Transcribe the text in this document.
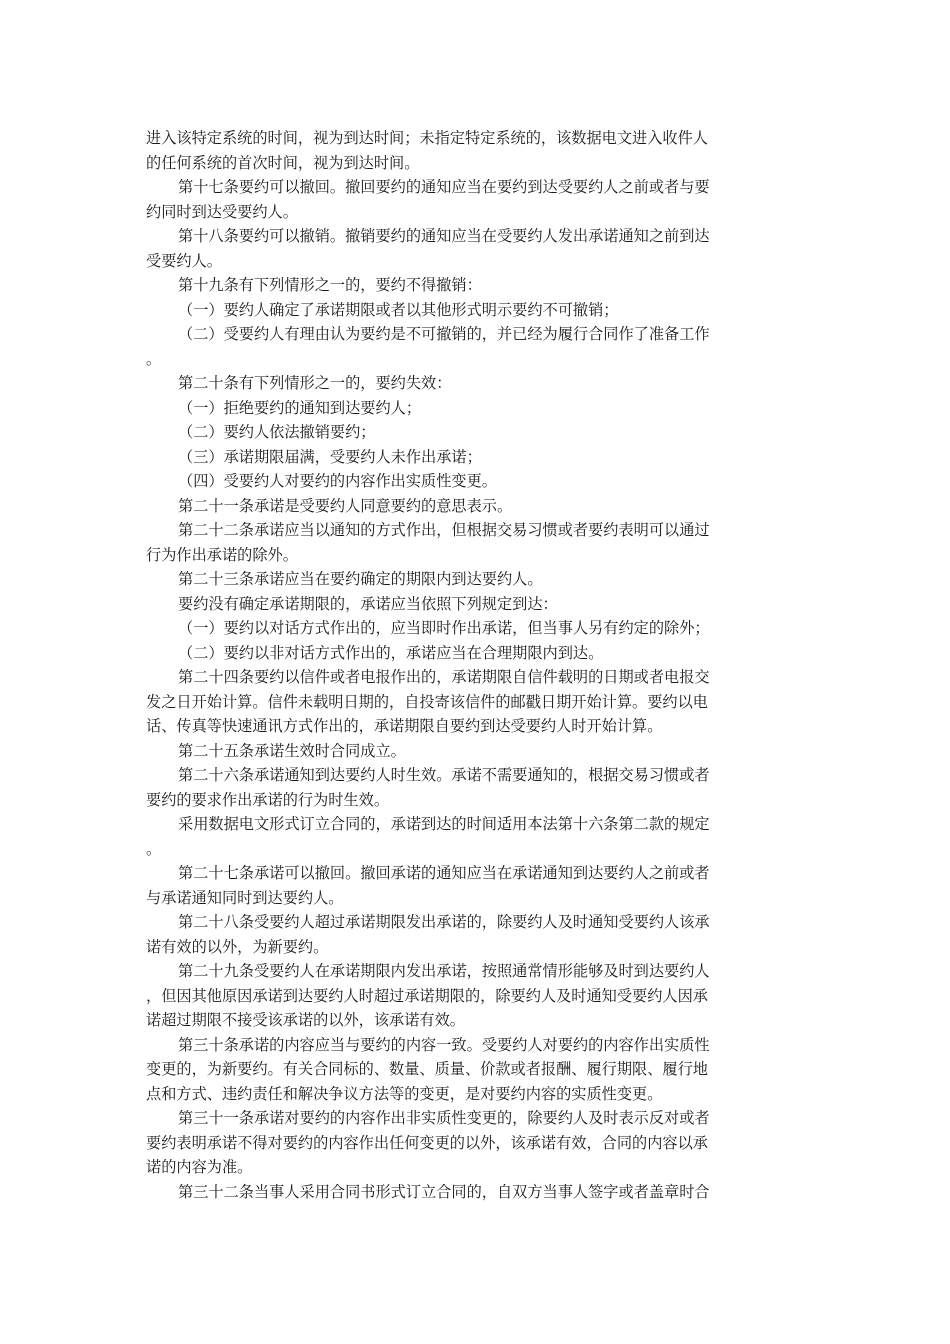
进入该特定系统的时间，视为到达时间；未指定特定系统的，该数据电文进入收件人
的任何系统的首次时间，视为到达时间。
第十七条要约可以撤回。撤回要约的通知应当在要约到达受要约人之前或者与要
约同时到达受要约人。
第十八条要约可以撤销。撤销要约的通知应当在受要约人发出承诺通知之前到达
受要约人。
第十九条有下列情形之一的，要约不得撤销：
（一）要约人确定了承诺期限或者以其他形式明示要约不可撤销；
（二）受要约人有理由认为要约是不可撤销的，并已经为履行合同作了准备工作
。
第二十条有下列情形之一的，要约失效：
（一）拒绝要约的通知到达要约人；
（二）要约人依法撤销要约；
（三）承诺期限届满，受要约人未作出承诺；
（四）受要约人对要约的内容作出实质性变更。
第二十一条承诺是受要约人同意要约的意思表示。
第二十二条承诺应当以通知的方式作出，但根据交易习惯或者要约表明可以通过
行为作出承诺的除外。
第二十三条承诺应当在要约确定的期限内到达要约人。
要约没有确定承诺期限的，承诺应当依照下列规定到达：
（一）要约以对话方式作出的，应当即时作出承诺，但当事人另有约定的除外；
（二）要约以非对话方式作出的，承诺应当在合理期限内到达。
第二十四条要约以信件或者电报作出的，承诺期限自信件载明的日期或者电报交
发之日开始计算。信件未载明日期的，自投寄该信件的邮戳日期开始计算。要约以电
话、传真等快速通讯方式作出的，承诺期限自要约到达受要约人时开始计算。
第二十五条承诺生效时合同成立。
第二十六条承诺通知到达要约人时生效。承诺不需要通知的，根据交易习惯或者
要约的要求作出承诺的行为时生效。
采用数据电文形式订立合同的，承诺到达的时间适用本法第十六条第二款的规定
。
第二十七条承诺可以撤回。撤回承诺的通知应当在承诺通知到达要约人之前或者
与承诺通知同时到达要约人。
第二十八条受要约人超过承诺期限发出承诺的，除要约人及时通知受要约人该承
诺有效的以外，为新要约。
第二十九条受要约人在承诺期限内发出承诺，按照通常情形能够及时到达要约人
，但因其他原因承诺到达要约人时超过承诺期限的，除要约人及时通知受要约人因承
诺超过期限不接受该承诺的以外，该承诺有效。
第三十条承诺的内容应当与要约的内容一致。受要约人对要约的内容作出实质性
变更的，为新要约。有关合同标的、数量、质量、价款或者报酬、履行期限、履行地
点和方式、违约责任和解决争议方法等的变更，是对要约内容的实质性变更。
第三十一条承诺对要约的内容作出非实质性变更的，除要约人及时表示反对或者
要约表明承诺不得对要约的内容作出任何变更的以外，该承诺有效，合同的内容以承
诺的内容为准。
第三十二条当事人采用合同书形式订立合同的，自双方当事人签字或者盖章时合
